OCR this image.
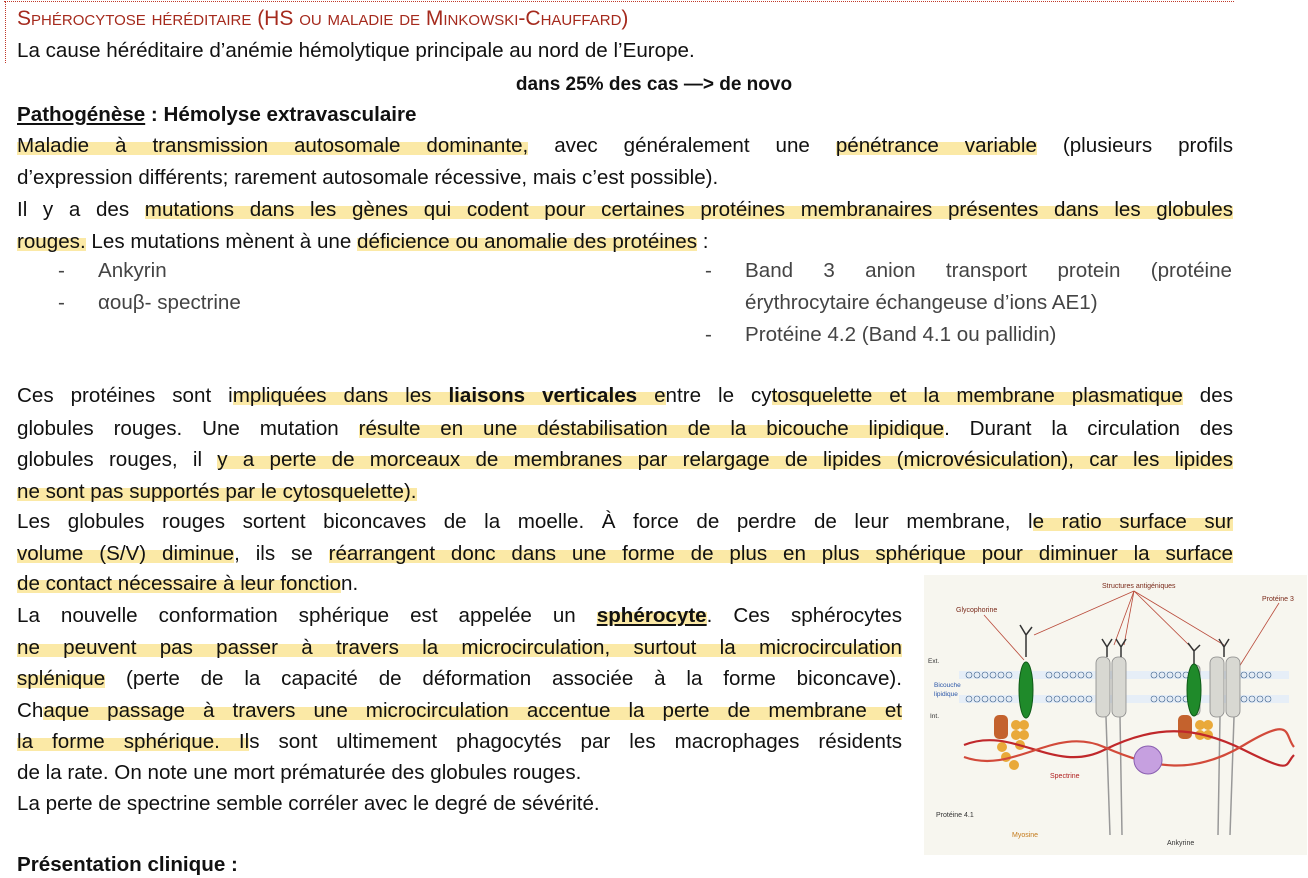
Sphérocytose héréditaire (HS ou maladie de Minkowski-Chauffard)
La cause héréditaire d’anémie hémolytique principale au nord de l’Europe.
dans 25% des cas —> de novo
Pathogénèse : Hémolyse extravasculaire
Maladie à transmission autosomale dominante, avec généralement une pénétrance variable (plusieurs profils
d’expression différents; rarement autosomale récessive, mais c’est possible).
Il y a des mutations dans les gènes qui codent pour certaines protéines membranaires présentes dans les globules
rouges. Les mutations mènent à une déficience ou anomalie des protéines :
- Ankyrin
- αouβ- spectrine
- Band 3 anion transport protein (protéine
érythrocytaire échangeuse d’ions AE1)
- Protéine 4.2 (Band 4.1 ou pallidin)
Ces protéines sont impliquées dans les liaisons verticales entre le cytosquelette et la membrane plasmatique des
globules rouges. Une mutation résulte en une déstabilisation de la bicouche lipidique. Durant la circulation des
globules rouges, il y a perte de morceaux de membranes par relargage de lipides (microvésiculation), car les lipides
ne sont pas supportés par le cytosquelette).
Les globules rouges sortent biconcaves de la moelle. À force de perdre de leur membrane, le ratio surface sur
volume (S/V) diminue, ils se réarrangent donc dans une forme de plus en plus sphérique pour diminuer la surface
de contact nécessaire à leur fonction.
La nouvelle conformation sphérique est appelée un sphérocyte. Ces sphérocytes
ne peuvent pas passer à travers la microcirculation, surtout la microcirculation
splénique (perte de la capacité de déformation associée à la forme biconcave).
Chaque passage à travers une microcirculation accentue la perte de membrane et
la forme sphérique. Ils sont ultimement phagocytés par les macrophages résidents
de la rate. On note une mort prématurée des globules rouges.
La perte de spectrine semble corréler avec le degré de sévérité.
Présentation clinique :
Structures antigéniques
Protéine 3
Glycophorine
Ext.
Bicouche
lipidique
Int.
Spectrine
Protéine 4.1
Myosine
Ankyrine
